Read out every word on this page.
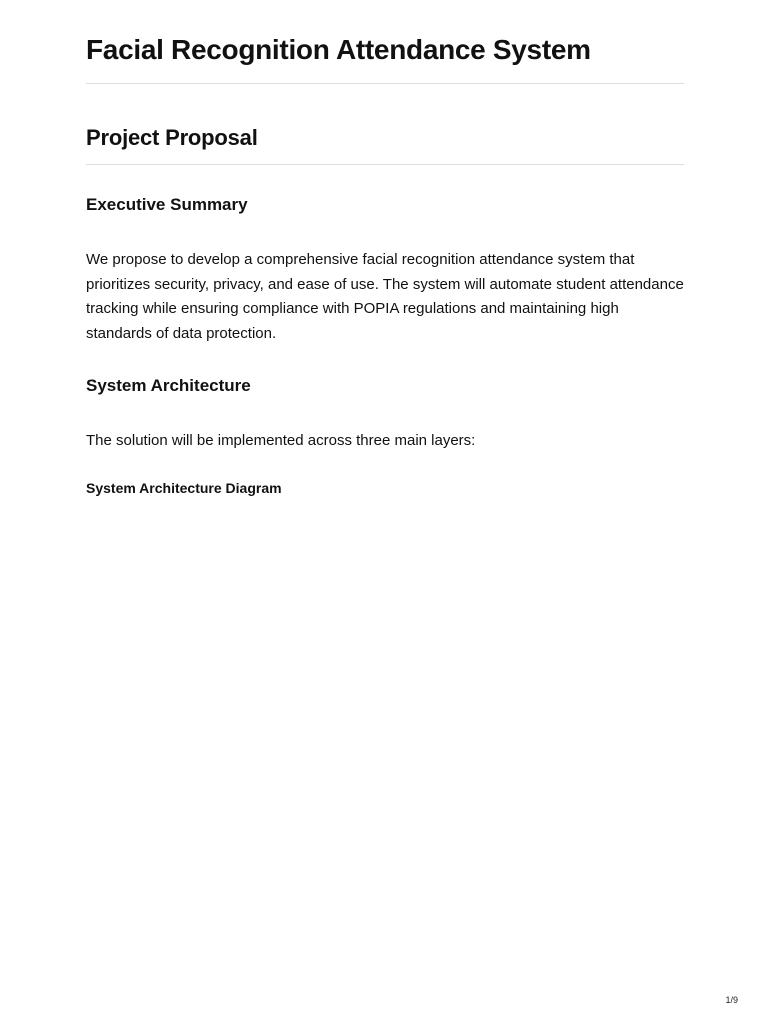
Facial Recognition Attendance System
Project Proposal
Executive Summary

We propose to develop a comprehensive facial recognition attendance system that prioritizes security, privacy, and ease of use. The system will automate student attendance tracking while ensuring compliance with POPIA regulations and maintaining high standards of data protection.

System Architecture

The solution will be implemented across three main layers:

System Architecture Diagram
1/9
